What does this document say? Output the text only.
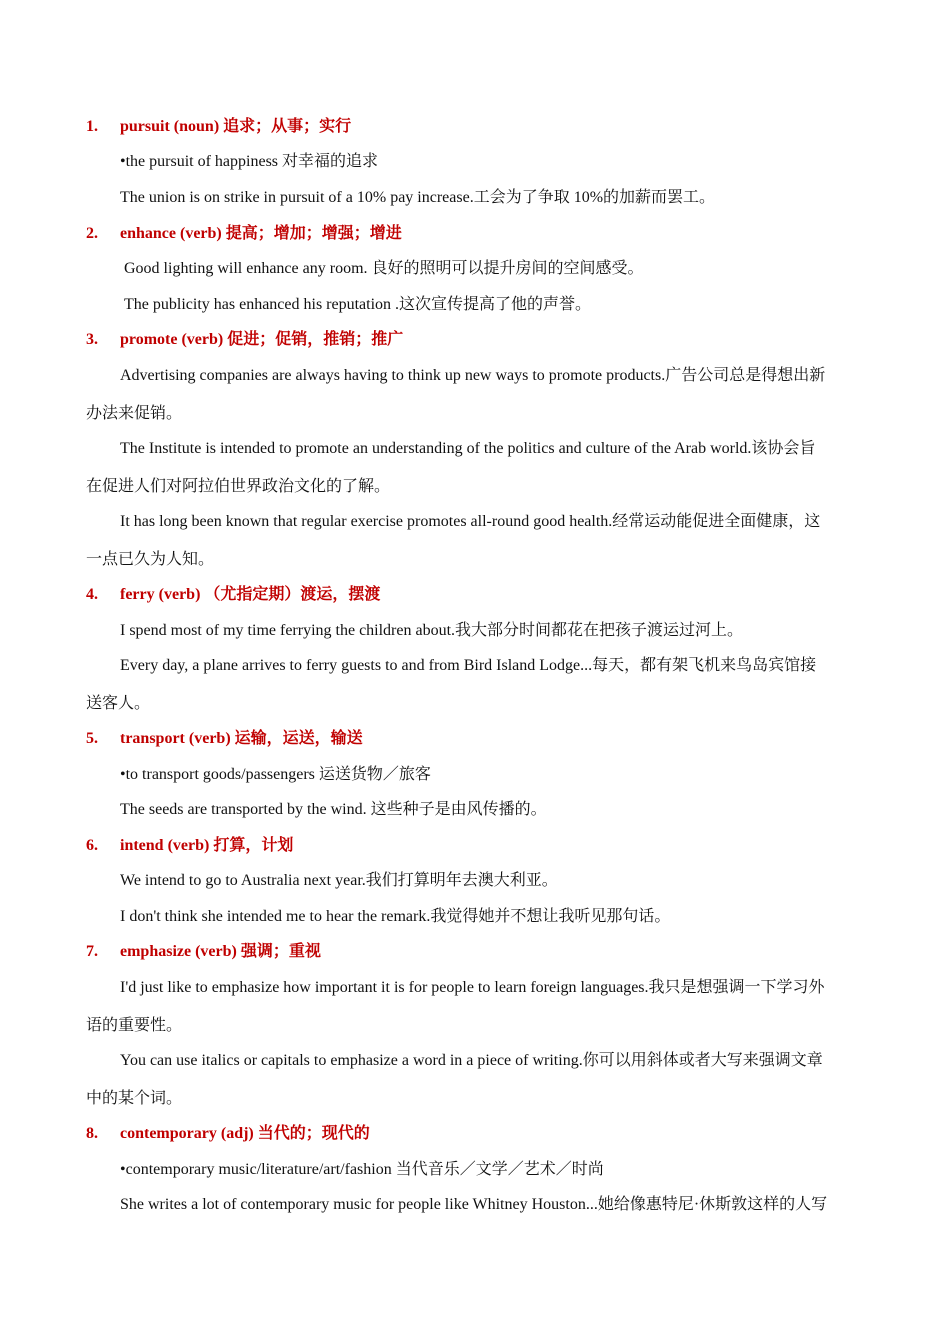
1. pursuit (noun) 追求；从事；实行
•the pursuit of happiness 对幸福的追求
The union is on strike in pursuit of a 10% pay increase.工会为了争取 10%的加薪而罢工。
2. enhance (verb) 提高；增加；增强；增进
Good lighting will enhance any room. 良好的照明可以提升房间的空间感受。
The publicity has enhanced his reputation .这次宣传提高了他的声誉。
3. promote (verb) 促进；促销，推销；推广
Advertising companies are always having to think up new ways to promote products.广告公司总是得想出新
办法来促销。
The Institute is intended to promote an understanding of the politics and culture of the Arab world.该协会旨
在促进人们对阿拉伯世界政治文化的了解。
It has long been known that regular exercise promotes all-round good health.经常运动能促进全面健康，这
一点已久为人知。
4. ferry (verb) （尤指定期）渡运，摆渡
I spend most of my time ferrying the children about.我大部分时间都花在把孩子渡运过河上。
Every day, a plane arrives to ferry guests to and from Bird Island Lodge...每天，都有架飞机来鸟岛宾馆接
送客人。
5. transport (verb) 运输，运送，输送
•to transport goods/passengers 运送货物／旅客
The seeds are transported by the wind. 这些种子是由风传播的。
6. intend (verb) 打算，计划
We intend to go to Australia next year.我们打算明年去澳大利亚。
I don't think she intended me to hear the remark.我觉得她并不想让我听见那句话。
7. emphasize (verb) 强调；重视
I'd just like to emphasize how important it is for people to learn foreign languages.我只是想强调一下学习外
语的重要性。
You can use italics or capitals to emphasize a word in a piece of writing.你可以用斜体或者大写来强调文章
中的某个词。
8. contemporary (adj) 当代的；现代的
•contemporary music/literature/art/fashion 当代音乐／文学／艺术／时尚
She writes a lot of contemporary music for people like Whitney Houston...她给像惠特尼·休斯敦这样的人写
